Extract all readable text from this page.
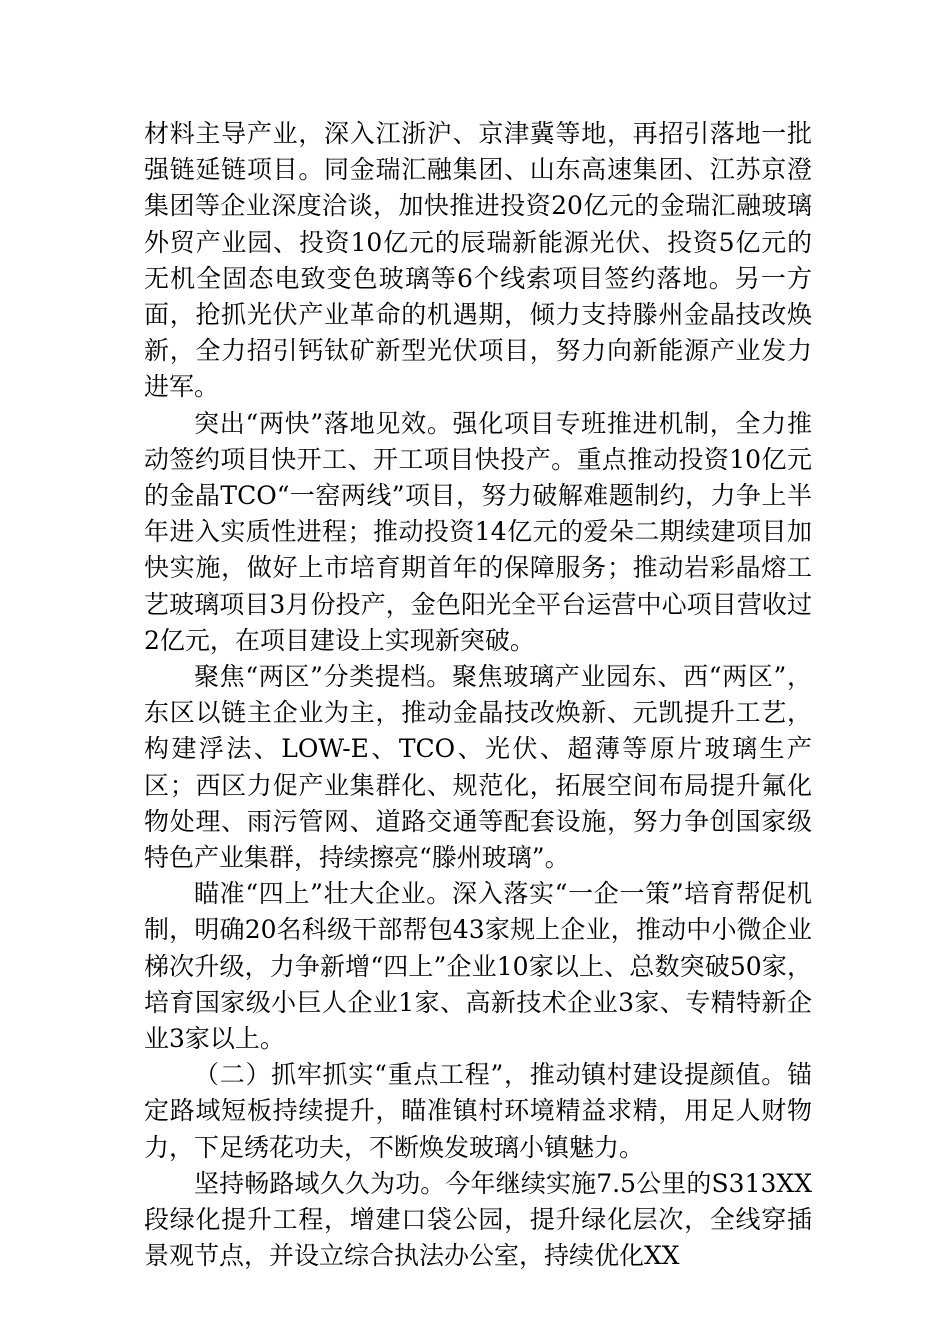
材料主导产业，深入江浙沪、京津冀等地，再招引落地一批强链延链项目。同金瑞汇融集团、山东高速集团、江苏京澄集团等企业深度洽谈，加快推进投资20亿元的金瑞汇融玻璃外贸产业园、投资10亿元的辰瑞新能源光伏、投资5亿元的无机全固态电致变色玻璃等6个线索项目签约落地。另一方面，抢抓光伏产业革命的机遇期，倾力支持滕州金晶技改焕新，全力招引钙钛矿新型光伏项目，努力向新能源产业发力进军。

突出“两快”落地见效。强化项目专班推进机制，全力推动签约项目快开工、开工项目快投产。重点推动投资10亿元的金晶TCO“一窑两线”项目，努力破解难题制约，力争上半年进入实质性进程；推动投资14亿元的爱朵二期续建项目加快实施，做好上市培育期首年的保障服务；推动岩彩晶熔工艺玻璃项目3月份投产，金色阳光全平台运营中心项目营收过2亿元，在项目建设上实现新突破。

聚焦“两区”分类提档。聚焦玻璃产业园东、西“两区”，东区以链主企业为主，推动金晶技改焕新、元凯提升工艺，构建浮法、LOW-E、TCO、光伏、超薄等原片玻璃生产区；西区力促产业集群化、规范化，拓展空间布局提升氟化物处理、雨污管网、道路交通等配套设施，努力争创国家级特色产业集群，持续擦亮“滕州玻璃”。

瞄准“四上”壮大企业。深入落实“一企一策”培育帮促机制，明确20名科级干部帮包43家规上企业，推动中小微企业梯次升级，力争新增“四上”企业10家以上、总数突破50家，培育国家级小巨人企业1家、高新技术企业3家、专精特新企业3家以上。

（二）抓牢抓实“重点工程”，推动镇村建设提颜值。锚定路域短板持续提升，瞄准镇村环境精益求精，用足人财物力，下足绣花功夫，不断焕发玻璃小镇魅力。

坚持畅路域久久为功。今年继续实施7.5公里的S313XX段绿化提升工程，增建口袋公园，提升绿化层次，全线穿插景观节点，并设立综合执法办公室，持续优化XX
